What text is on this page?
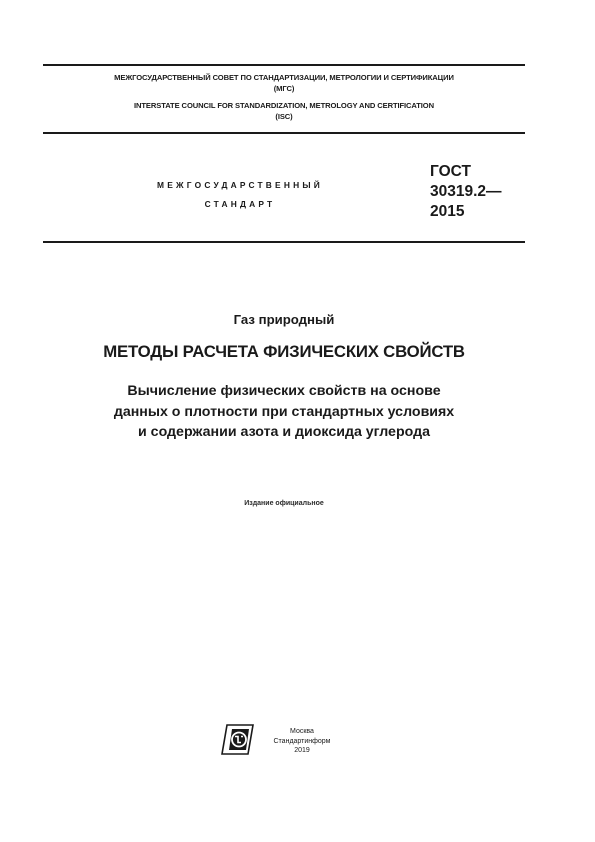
МЕЖГОСУДАРСТВЕННЫЙ СОВЕТ ПО СТАНДАРТИЗАЦИИ, МЕТРОЛОГИИ И СЕРТИФИКАЦИИ
(МГС)
INTERSTATE COUNCIL FOR STANDARDIZATION, METROLOGY AND CERTIFICATION
(ISC)
МЕЖГОСУДАРСТВЕННЫЙ
СТАНДАРТ
ГОСТ
30319.2—
2015
Газ природный
МЕТОДЫ РАСЧЕТА ФИЗИЧЕСКИХ СВОЙСТВ
Вычисление физических свойств на основе
данных о плотности при стандартных условиях
и содержании азота и диоксида углерода
Издание официальное
Москва
Стандартинформ
2019
